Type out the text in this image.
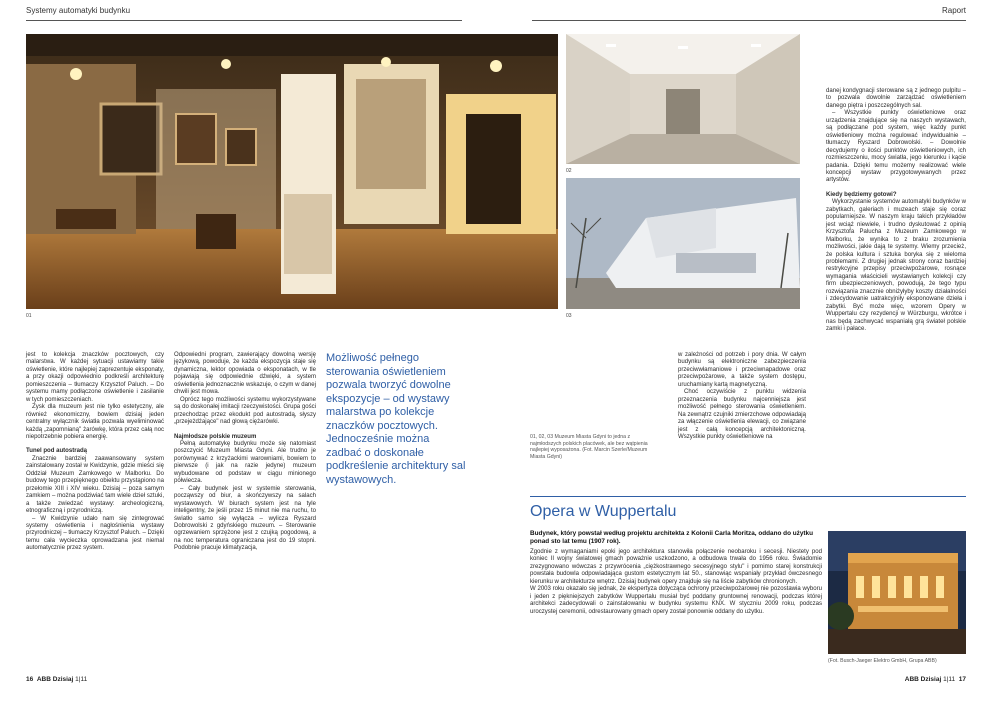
Systemy automatyki budynku	Raport
01
02
03

jest to kolekcja znaczków pocztowych, czy malarstwa. W każdej sytuacji ustawiamy takie oświetlenie, które najlepiej zaprezentuje eksponaty, a przy okazji odpowiednio podkreśli architekturę pomieszczenia – tłumaczy Krzysztof Paluch. – Do systemu mamy podłączone oświetlenie i zasilanie w tych pomieszczeniach.

Zysk dla muzeum jest nie tylko estetyczny, ale również ekonomiczny, bowiem dzisiaj jeden centralny wyłącznik światła pozwala wyeliminować każdą „zapomnianą" żarówkę, która przez całą noc niepotrzebnie pobiera energię.

Tunel pod autostradą

Znacznie bardziej zaawansowany system zainstalowany został w Kwidzynie, gdzie mieści się Oddział Muzeum Zamkowego w Malborku. Do budowy tego przepięknego obiektu przystąpiono na przełomie XIII i XIV wieku. Dzisiaj – poza samym zamkiem – można podziwiać tam wiele dzieł sztuki, a także zwiedzać wystawy: archeologiczną, etnograficzną i przyrodniczą.

– W Kwidzynie udało nam się zintegrować systemy oświetlenia i nagłośnienia wystawy przyrodniczej – tłumaczy Krzysztof Paluch. – Dzięki temu cała wycieczka oprowadzana jest niemal automatycznie przez system.

Odpowiedni program, zawierający dowolną wersję językową, powoduje, że każda ekspozycja staje się dynamiczna, lektor opowiada o eksponatach, w tle pojawiają się odpowiednie dźwięki, a system oświetlenia jednoznacznie wskazuje, o czym w danej chwili jest mowa.

Oprócz tego możliwości systemu wykorzystywane są do doskonałej imitacji rzeczywistości. Grupa gości przechodząc przez ekodukt pod autostradą, słyszy „przejeżdżające" nad głową ciężarówki.

Najmłodsze polskie muzeum

Pełną automatykę budynku może się natomiast poszczycić Muzeum Miasta Gdyni. Ale trudno je porównywać z krzyżackimi warowniami, bowiem to pierwsze (i jak na razie jedyne) muzeum wybudowane od podstaw w ciągu minionego półwiecza.

– Cały budynek jest w systemie sterowania, począwszy od biur, a skończywszy na salach wystawowych. W biurach system jest na tyle inteligentny, że jeśli przez 15 minut nie ma ruchu, to światło samo się wyłącza – wylicza Ryszard Dobrowolski z gdyńskiego muzeum. – Sterowanie ogrzewaniem sprzężone jest z czujką pogodową, a na noc temperatura ograniczana jest do 19 stopni. Podobnie pracuje klimatyzacja,

Możliwość pełnego sterowania oświetleniem pozwala tworzyć dowolne ekspozycje – od wystawy malarstwa po kolekcje znaczków pocztowych. Jednocześnie można zadbać o doskonałe podkreślenie architektury sal wystawowych.
01, 02, 03 Muzeum Miasta Gdyni to jedna z najmłodszych polskich placówek, ale bez wątpienia najlepiej wyposażona. (Fot. Marcin Szerle/Muzeum Miasta Gdyni)

w zależności od potrzeb i pory dnia. W całym budynku są elektroniczne zabezpieczenia przeciwwłamaniowe i przeciwnapadowe oraz przeciwpożarowe, a także system dostępu, uruchamiany kartą magnetyczną.

Choć oczywiście z punktu widzenia przeznaczenia budynku najcenniejsza jest możliwość pełnego sterowania oświetleniem. Na zewnątrz czujniki zmierzchowe odpowiadają za włączenie oświetlenia elewacji, co związane jest z całą koncepcją architektoniczną. Wszystkie punkty oświetleniowe na

danej kondygnacji sterowane są z jednego pulpitu – to pozwala dowolnie zarządzać oświetleniem danego piętra i poszczególnych sal.

– Wszystkie punkty oświetleniowe oraz urządzenia znajdujące się na naszych wystawach, są podłączane pod system, więc każdy punkt oświetleniowy można regulować indywidualnie – tłumaczy Ryszard Dobrowolski. – Dowolnie decydujemy o ilości punktów oświetleniowych, ich rozmieszczeniu, mocy światła, jego kierunku i kącie padania. Dzięki temu możemy realizować wiele koncepcji wystaw przygotowywanych przez artystów.

Kiedy będziemy gotowi?

Wykorzystanie systemów automatyki budynków w zabytkach, galeriach i muzeach staje się coraz popularniejsze. W naszym kraju takich przykładów jest wciąż niewiele, i trudno dyskutować z opinią Krzysztofa Palucha z Muzeum Zamkowego w Malborku, że wynika to z braku zrozumienia możliwości, jakie dają te systemy. Wiemy przecież, że polska kultura i sztuka boryka się z wieloma problemami. Z drugiej jednak strony coraz bardziej restrykcyjne przepisy przeciwpożarowe, rosnące wymagania właścicieli wystawianych kolekcji czy firm ubezpieczeniowych, powodują, że tego typu rozwiązania znacznie obniżyłyby koszty działalności i zdecydowanie uatrakcyjniły eksponowane dzieła i zabytki. Być może więc, wzorem Opery w Wuppertalu czy rezydencji w Würzburgu, wkrótce i nas będą zachwycać wspaniałą grą świateł polskie zamki i pałace.

Opera w Wuppertalu
Budynek, który powstał według projektu architekta z Kolonii Carla Moritza, oddano do użytku ponad sto lat temu (1907 rok).

Zgodnie z wymaganiami epoki jego architektura stanowiła połączenie neobaroku i secesji. Niestety pod koniec II wojny światowej gmach poważnie uszkodzono, a odbudowa trwała do 1956 roku. Świadomie zrezygnowano wówczas z przywrócenia „ciężkostrawnego secesyjnego stylu" i pomimo starej konstrukcji powstała budowla odpowiadająca gustom estetycznym lat 50., stanowiąc wspaniały przykład ówczesnego kierunku w architekturze wnętrz. Dzisiaj budynek opery znajduje się na liście zabytków chronionych.

W 2003 roku okazało się jednak, że ekspertyza dotycząca ochrony przeciwpożarowej nie pozostawia wyboru i jeden z piękniejszych zabytków Wuppertalu musiał być poddany gruntownej renowacji, podczas której architekci zadecydowali o zainstalowaniu w budynku systemu KNX. W styczniu 2009 roku, podczas uroczystej ceremonii, odrestaurowany gmach opery został ponownie oddany do użytku.

(Fot. Busch-Jaeger Elektro GmbH, Grupa ABB)
16 ABB Dzisiaj 1|11	ABB Dzisiaj 1|11 17
